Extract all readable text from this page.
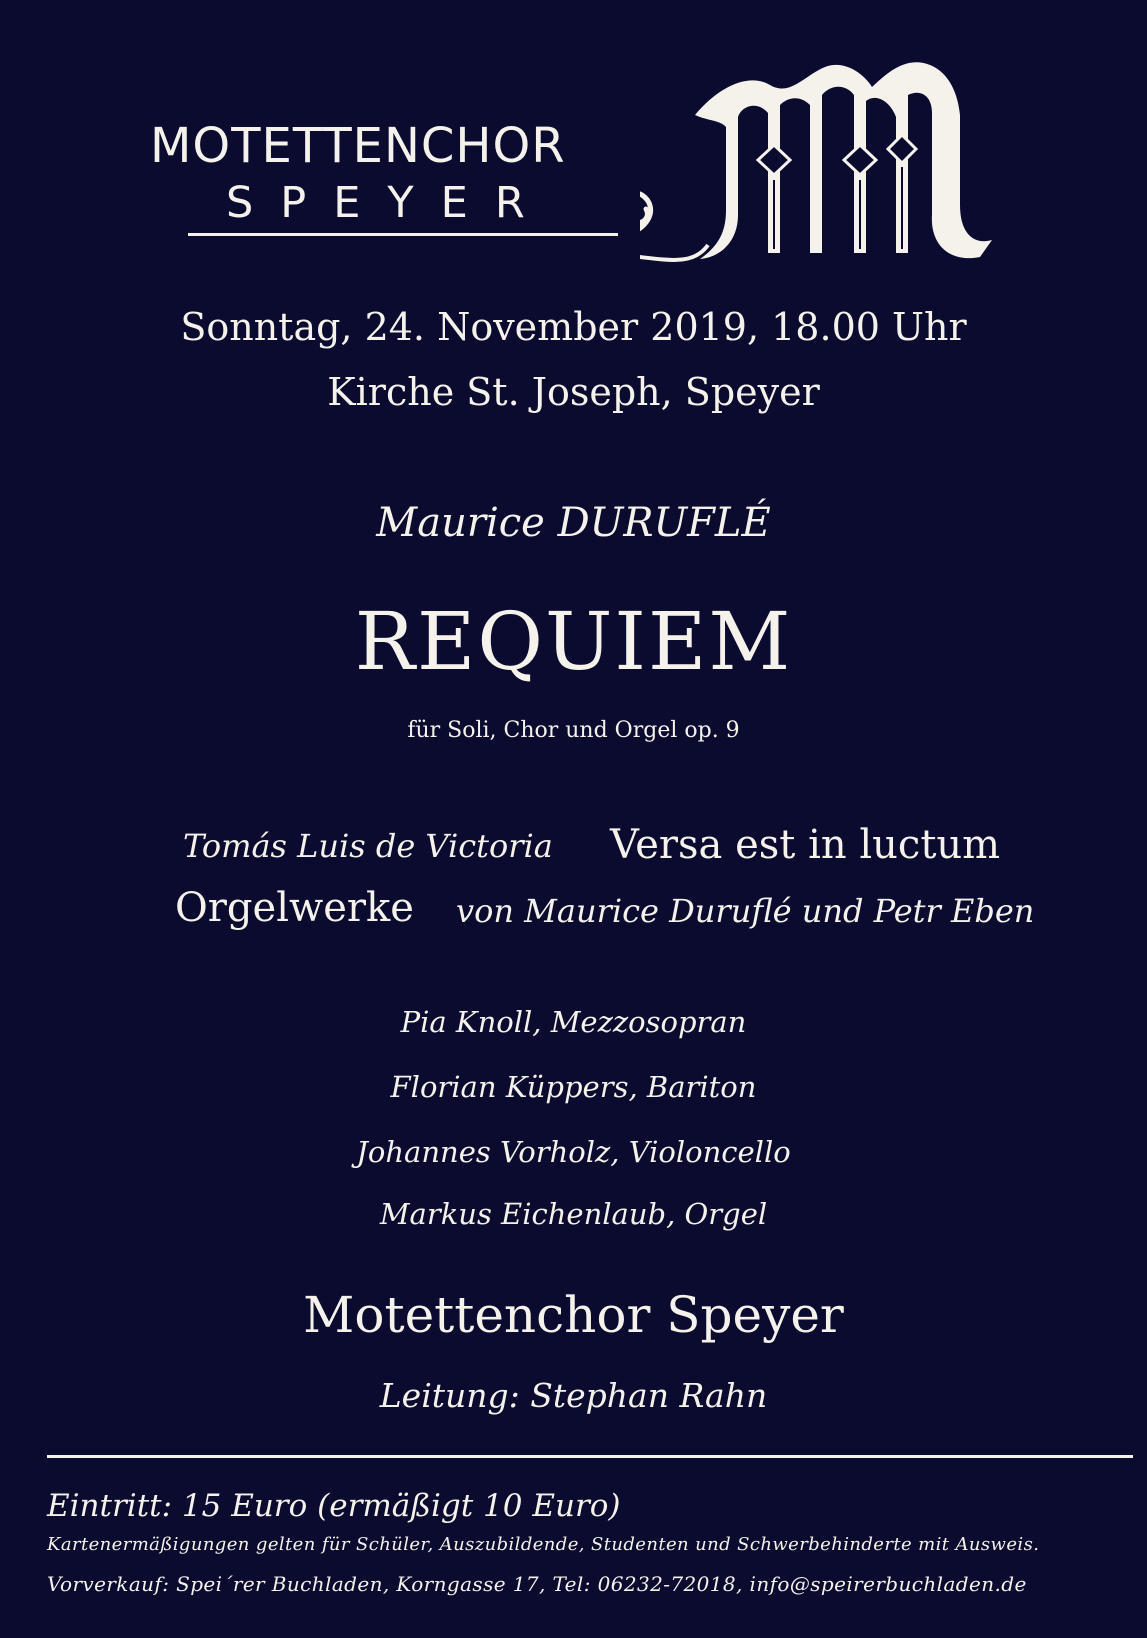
MOTETTENCHOR
SPEYER
Sonntag, 24. November 2019, 18.00 Uhr
Kirche St. Joseph, Speyer
Maurice DURUFLÉ
REQUIEM
für Soli, Chor und Orgel op. 9
Tomás Luis de Victoria Versa est in luctum
Orgelwerke von Maurice Duruflé und Petr Eben
Pia Knoll, Mezzosopran
Florian Küppers, Bariton
Johannes Vorholz, Violoncello
Markus Eichenlaub, Orgel
Motettenchor Speyer
Leitung: Stephan Rahn
Eintritt: 15 Euro (ermäßigt 10 Euro)
Kartenermäßigungen gelten für Schüler, Auszubildende, Studenten und Schwerbehinderte mit Ausweis.
Vorverkauf: Spei´rer Buchladen, Korngasse 17, Tel: 06232-72018, info@speirerbuchladen.de
